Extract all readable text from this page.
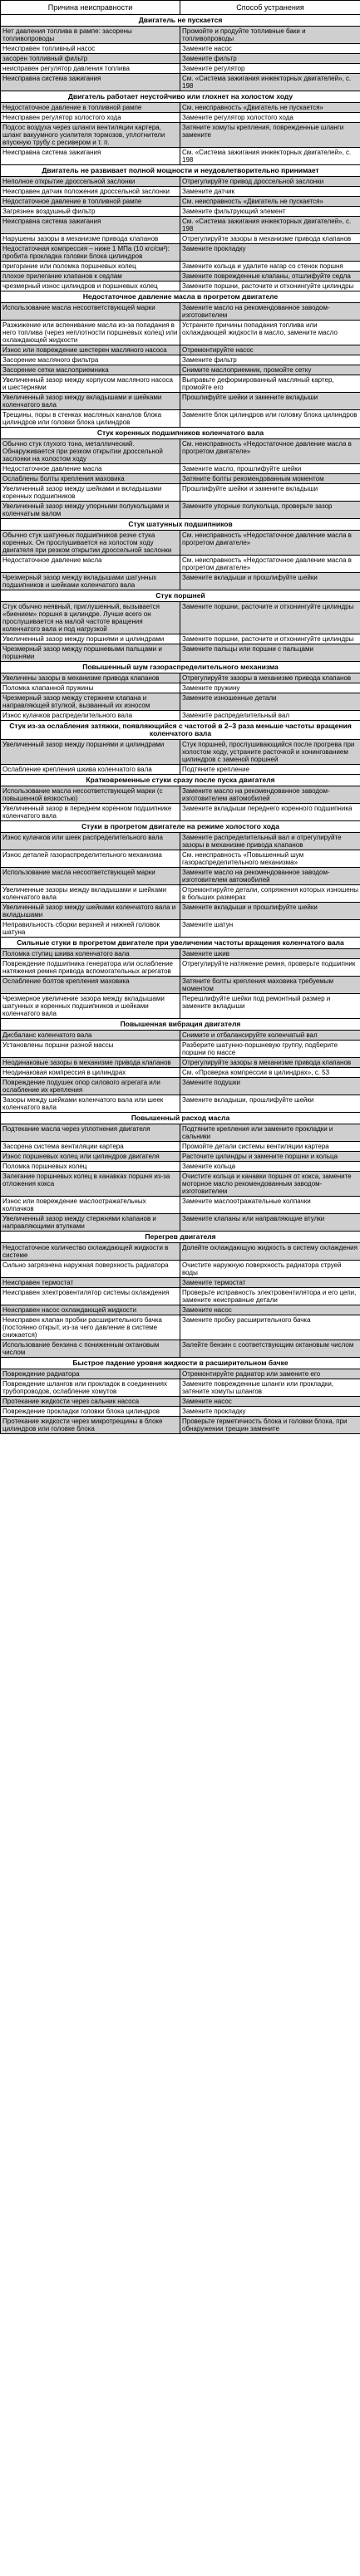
Причина неисправности	Способ устранения
Двигатель не пускается	
Нет давления топлива в рампе: засорены топливопроводы	Промойте и продуйте топливные баки и топливопроводы
Неисправен топливный насос	Замените насос
засорен топливный фильтр	Замените фильтр
неисправен регулятор давления топлива	Замените регулятор
Неисправна система зажигания	См. «Система зажигания инжекторных двигателей», с. 198
Двигатель работает неустойчиво или глохнет на холостом ходу	
Недостаточное давление в топливной рампе	См. неисправность «Двигатель не пускается»
Неисправен регулятор холостого хода	Замените регулятор холостого хода
Подсос воздуха через шланги вентиляции картера, шланг вакуумного усилителя тормозов, уплотнители впускную трубу с ресивером и т. п.	Затяните хомуты крепления, поврежденные шланги замените
Неисправна система зажигания	См. «Система зажигания инжекторных двигателей», с. 198
Двигатель не развивает полной мощности и неудовлетворительно принимает	
Неполное открытие дроссельной заслонки	Отрегулируйте привод дроссельной заслонки
Неисправен датчик положения дроссельной заслонки	Замените датчик
Недостаточное давление в топливной рампе	См. неисправность «Двигатель не пускается»
Загрязнен воздушный фильтр	Замените фильтрующий элемент
Неисправна система зажигания	См. «Система зажигания инжекторных двигателей», с. 198
Нарушены зазоры в механизме привода клапанов	Отрегулируйте зазоры в механизме привода клапанов
Недостаточная компрессия – ниже 1 МПа (10 кгс/см²): пробита прокладка головки блока цилиндров	Замените прокладку
пригорание или поломка поршневых колец	Замените кольца и удалите нагар со стенок поршня
плохое прилегание клапанов к седлам	Замените поврежденные клапаны, отшлифуйте седла
чрезмерный износ цилиндров и поршневых колец	Замените поршни, расточите и отхонингуйте цилиндры
Недостаточное давление масла в прогретом двигателе	
Использование масла несоответствующей марки	Замените масло на рекомендованное заводом-изготовителем
Разжижение или вспенивание масла из-за попадания в него топлива (через неплотности поршневых колец) или охлаждающей жидкости	Устраните причины попадания топлива или охлаждающей жидкости в масло, замените масло
Износ или повреждение шестерен масляного насоса	Отремонтируйте насос
Засорение масляного фильтра	Замените фильтр
Засорение сетки маслоприемника	Снимите маслоприемник, промойте сетку
Увеличенный зазор между корпусом масляного насоса и шестернями	Выправьте деформированный масляный картер, промойте его
Увеличенный зазор между вкладышами и шейками коленчатого вала	Прошлифуйте шейки и замените вкладыши
Трещины, поры в стенках масляных каналов блока цилиндров или головки блока цилиндров	Замените блок цилиндров или головку блока цилиндров
Стук коренных подшипников коленчатого вала	
Обычно стук глухого тона, металлический. Обнаруживается при резком открытии дроссельной заслонки на холостом ходу	См. неисправность «Недостаточное давление масла в прогретом двигателе»
Недостаточное давление масла	Замените масло, прошлифуйте шейки
Ослаблены болты крепления маховика	Затяните болты рекомендованным моментом
Увеличенный зазор между шейками и вкладышами коренных подшипников	Прошлифуйте шейки и замените вкладыши
Увеличенный зазор между упорными полукольцами и коленчатым валом	Замените упорные полукольца, проверьте зазор
Стук шатунных подшипников	
Обычно стук шатунных подшипников резче стука коренных. Он прослушивается на холостом ходу двигателя при резком открытии дроссельной заслонки	См. неисправность «Недостаточное давление масла в прогретом двигателе»
Недостаточное давление масла	См. неисправность «Недостаточное давление масла в прогретом двигателе»
Чрезмерный зазор между вкладышами шатунных подшипников и шейками коленчатого вала	Замените вкладыши и прошлифуйте шейки
Стук поршней	
Стук обычно неявный, приглушенный, вызывается «биением» поршня в цилиндре. Лучше всего он прослушивается на малой частоте вращения коленчатого вала и под нагрузкой	Замените поршни, расточите и отхонингуйте цилиндры
Увеличенный зазор между поршнями и цилиндрами	Замените поршни, расточите и отхонингуйте цилиндры
Чрезмерный зазор между поршневыми пальцами и поршнями	Замените пальцы или поршни с пальцами
Повышенный шум газораспределительного механизма	
Увеличены зазоры в механизме привода клапанов	Отрегулируйте зазоры в механизме привода клапанов
Поломка клапанной пружины	Замените пружину
Чрезмерный зазор между стержнем клапана и направляющей втулкой, вызванный их износом	Замените изношенные детали
Износ кулачков распределительного вала	Замените распределительный вал
Стук из-за ослабления затяжки, появляющийся с частотой в 2–3 раза меньше частоты вращения коленчатого вала	
Увеличенный зазор между поршнями и цилиндрами	Стук поршней, прослушивающийся после прогрева при холостом ходу, устраните расточкой и хонингованием цилиндров с заменой поршней
Ослабление крепления шкива коленчатого вала	Подтяните крепление
Кратковременные стуки сразу после пуска двигателя	
Использование масла несоответствующей марки (с повышенной вязкостью)	Замените масло на рекомендованное заводом-изготовителем автомобилей
Увеличенный зазор в переднем коренном подшипнике коленчатого вала	Замените вкладыши переднего коренного подшипника
Стуки в прогретом двигателе на режиме холостого хода	
Износ кулачков или шеек распределительного вала	Замените распределительный вал и отрегулируйте зазоры в механизме привода клапанов
Износ деталей газораспределительного механизма	См. неисправность «Повышенный шум газораспределительного механизма»
Использование масла несоответствующей марки	Замените масло на рекомендованное заводом-изготовителем автомобилей
Увеличенные зазоры между вкладышами и шейками коленчатого вала	Отремонтируйте детали, сопряжения которых изношены в больших размерах
Увеличенный зазор между шейками коленчатого вала и вкладышами	Замените вкладыши и прошлифуйте шейки
Неправильность сборки верхней и нижней головок шатуна	Замените шатун
Сильные стуки в прогретом двигателе при увеличении частоты вращения коленчатого вала	
Поломка ступиц шкива коленчатого вала	Замените шкив
Повреждение подшипника генератора или ослабление натяжения ремня привода вспомогательных агрегатов	Отрегулируйте натяжение ремня, проверьте подшипник
Ослабление болтов крепления маховика	Затяните болты крепления маховика требуемым моментом
Чрезмерное увеличение зазора между вкладышами шатунных и коренных подшипников и шейками коленчатого вала	Перешлифуйте шейки под ремонтный размер и замените вкладыши
Повышенная вибрация двигателя	
Дисбаланс коленчатого вала	Снимите и отбалансируйте коленчатый вал
Установлены поршни разной массы	Разберите шатунно-поршневую группу, подберите поршни по массе
Неодинаковые зазоры в механизме привода клапанов	Отрегулируйте зазоры в механизме привода клапанов
Неодинаковая компрессия в цилиндрах	См. «Проверка компрессии в цилиндрах», с. 53
Повреждение подушек опор силового агрегата или ослабление их крепления	Замените подушки
Зазоры между шейками коленчатого вала или шеек коленчатого вала	Замените вкладыши, прошлифуйте шейки
Повышенный расход масла	
Подтекание масла через уплотнения двигателя	Подтяните крепления или замените прокладки и сальники
Засорена система вентиляции картера	Промойте детали системы вентиляции картера
Износ поршневых колец или цилиндров двигателя	Расточите цилиндры и замените поршни и кольца
Поломка поршневых колец	Замените кольца
Залегание поршневых колец в канавках поршня из-за отложения кокса	Очистите кольца и канавки поршня от кокса, замените моторное масло рекомендованным заводом-изготовителем
Износ или повреждение маслоотражательных колпачков	Замените маслоотражательные колпачки
Увеличенный зазор между стержнями клапанов и направляющими втулками	Замените клапаны или направляющие втулки
Перегрев двигателя	
Недостаточное количество охлаждающей жидкости в системе	Долейте охлаждающую жидкость в систему охлаждения
Сильно загрязнена наружная поверхность радиатора	Очистите наружную поверхность радиатора струей воды
Неисправен термостат	Замените термостат
Неисправен электровентилятор системы охлаждения	Проверьте исправность электровентилятора и его цепи, замените неисправные детали
Неисправен насос охлаждающей жидкости	Замените насос
Неисправен клапан пробки расширительного бачка (постоянно открыт, из-за чего давление в системе снижается)	Замените пробку расширительного бачка
Использование бензина с пониженным октановым числом	Залейте бензин с соответствующим октановым числом
Быстрое падение уровня жидкости в расширительном бачке	
Повреждение радиатора	Отремонтируйте радиатор или замените его
Повреждение шлангов или прокладок в соединениях трубопроводов, ослабление хомутов	Замените поврежденные шланги или прокладки, затяните хомуты шлангов
Протекание жидкости через сальник насоса	Замените насос
Повреждение прокладки головки блока цилиндров	Замените прокладку
Протекание жидкости через микротрещины в блоке цилиндров или головке блока	Проверьте герметичность блока и головки блока, при обнаружении трещин замените
